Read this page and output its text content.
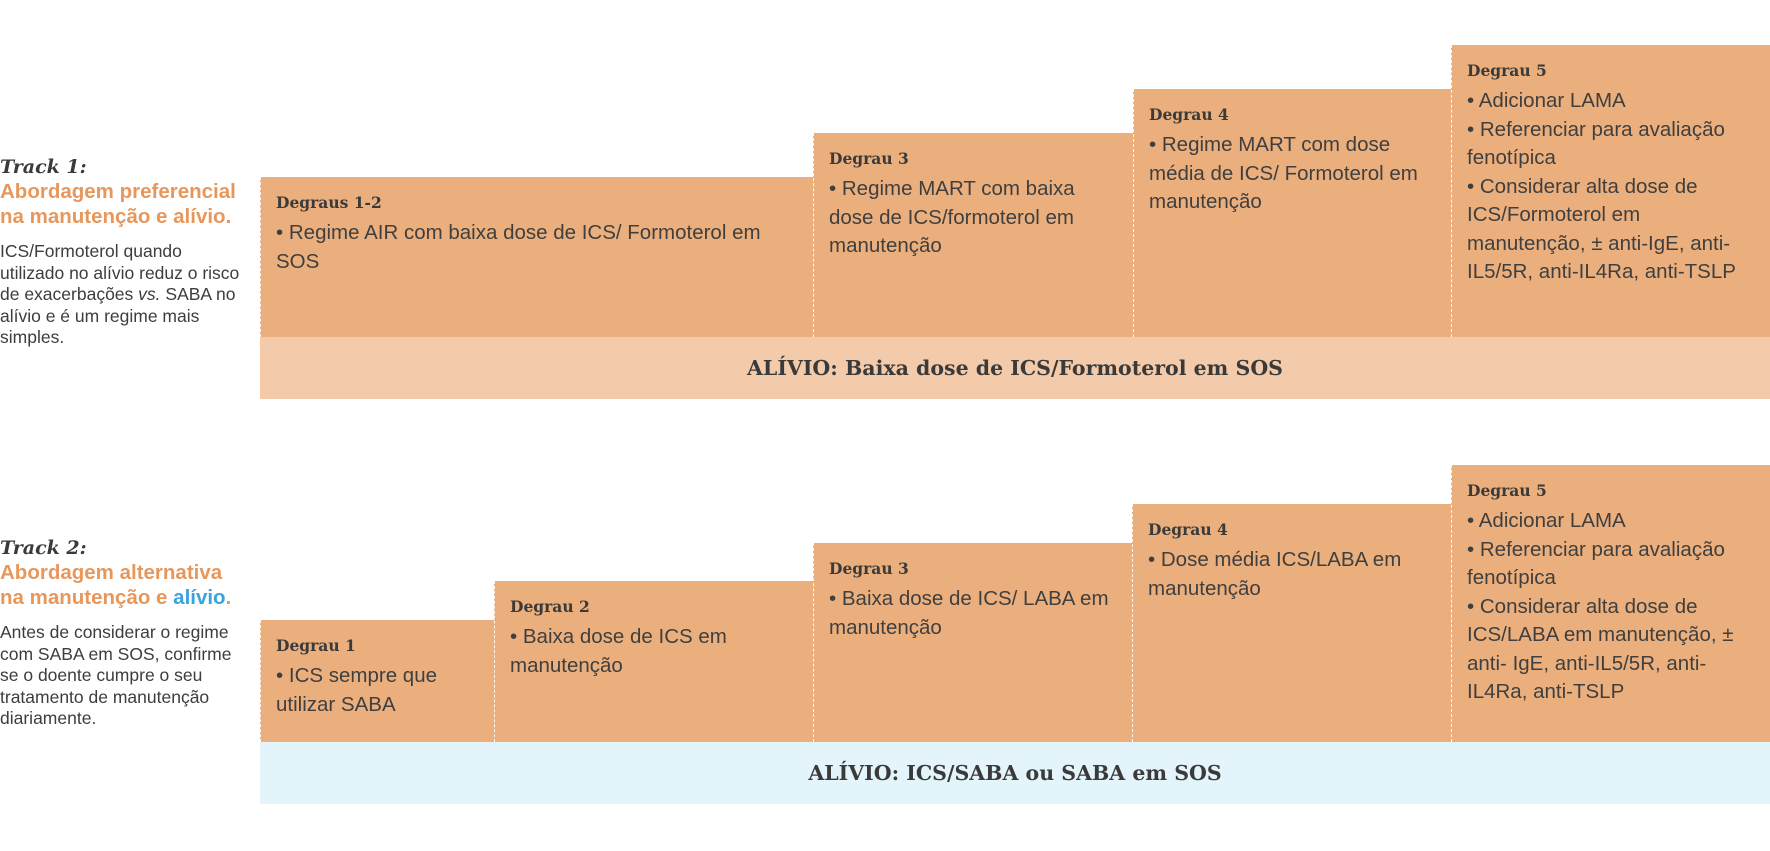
Track 1:
Abordagem preferencial na manutenção e alívio.
ICS/Formoterol quando utilizado no alívio reduz o risco de exacerbações vs. SABA no alívio e é um regime mais simples.
Degraus 1-2
• Regime AIR com baixa dose de ICS/ Formoterol em SOS
Degrau 3
• Regime MART com baixa dose de ICS/formoterol em manutenção
Degrau 4
• Regime MART com dose média de ICS/ Formoterol em manutenção
Degrau 5
• Adicionar LAMA
• Referenciar para avaliação fenotípica
• Considerar alta dose de ICS/Formoterol em manutenção, ± anti-IgE, anti-IL5/5R, anti-IL4Ra, anti-TSLP
ALÍVIO: Baixa dose de ICS/Formoterol em SOS
Track 2:
Abordagem alternativa na manutenção e alívio.
Antes de considerar o regime com SABA em SOS, confirme se o doente cumpre o seu tratamento de manutenção diariamente.
Degrau 1
• ICS sempre que utilizar SABA
Degrau 2
• Baixa dose de ICS em manutenção
Degrau 3
• Baixa dose de ICS/ LABA em manutenção
Degrau 4
• Dose média ICS/LABA em manutenção
Degrau 5
• Adicionar LAMA
• Referenciar para avaliação fenotípica
• Considerar alta dose de ICS/LABA em manutenção, ± anti- IgE, anti-IL5/5R, anti-IL4Ra, anti-TSLP
ALÍVIO: ICS/SABA ou SABA em SOS
